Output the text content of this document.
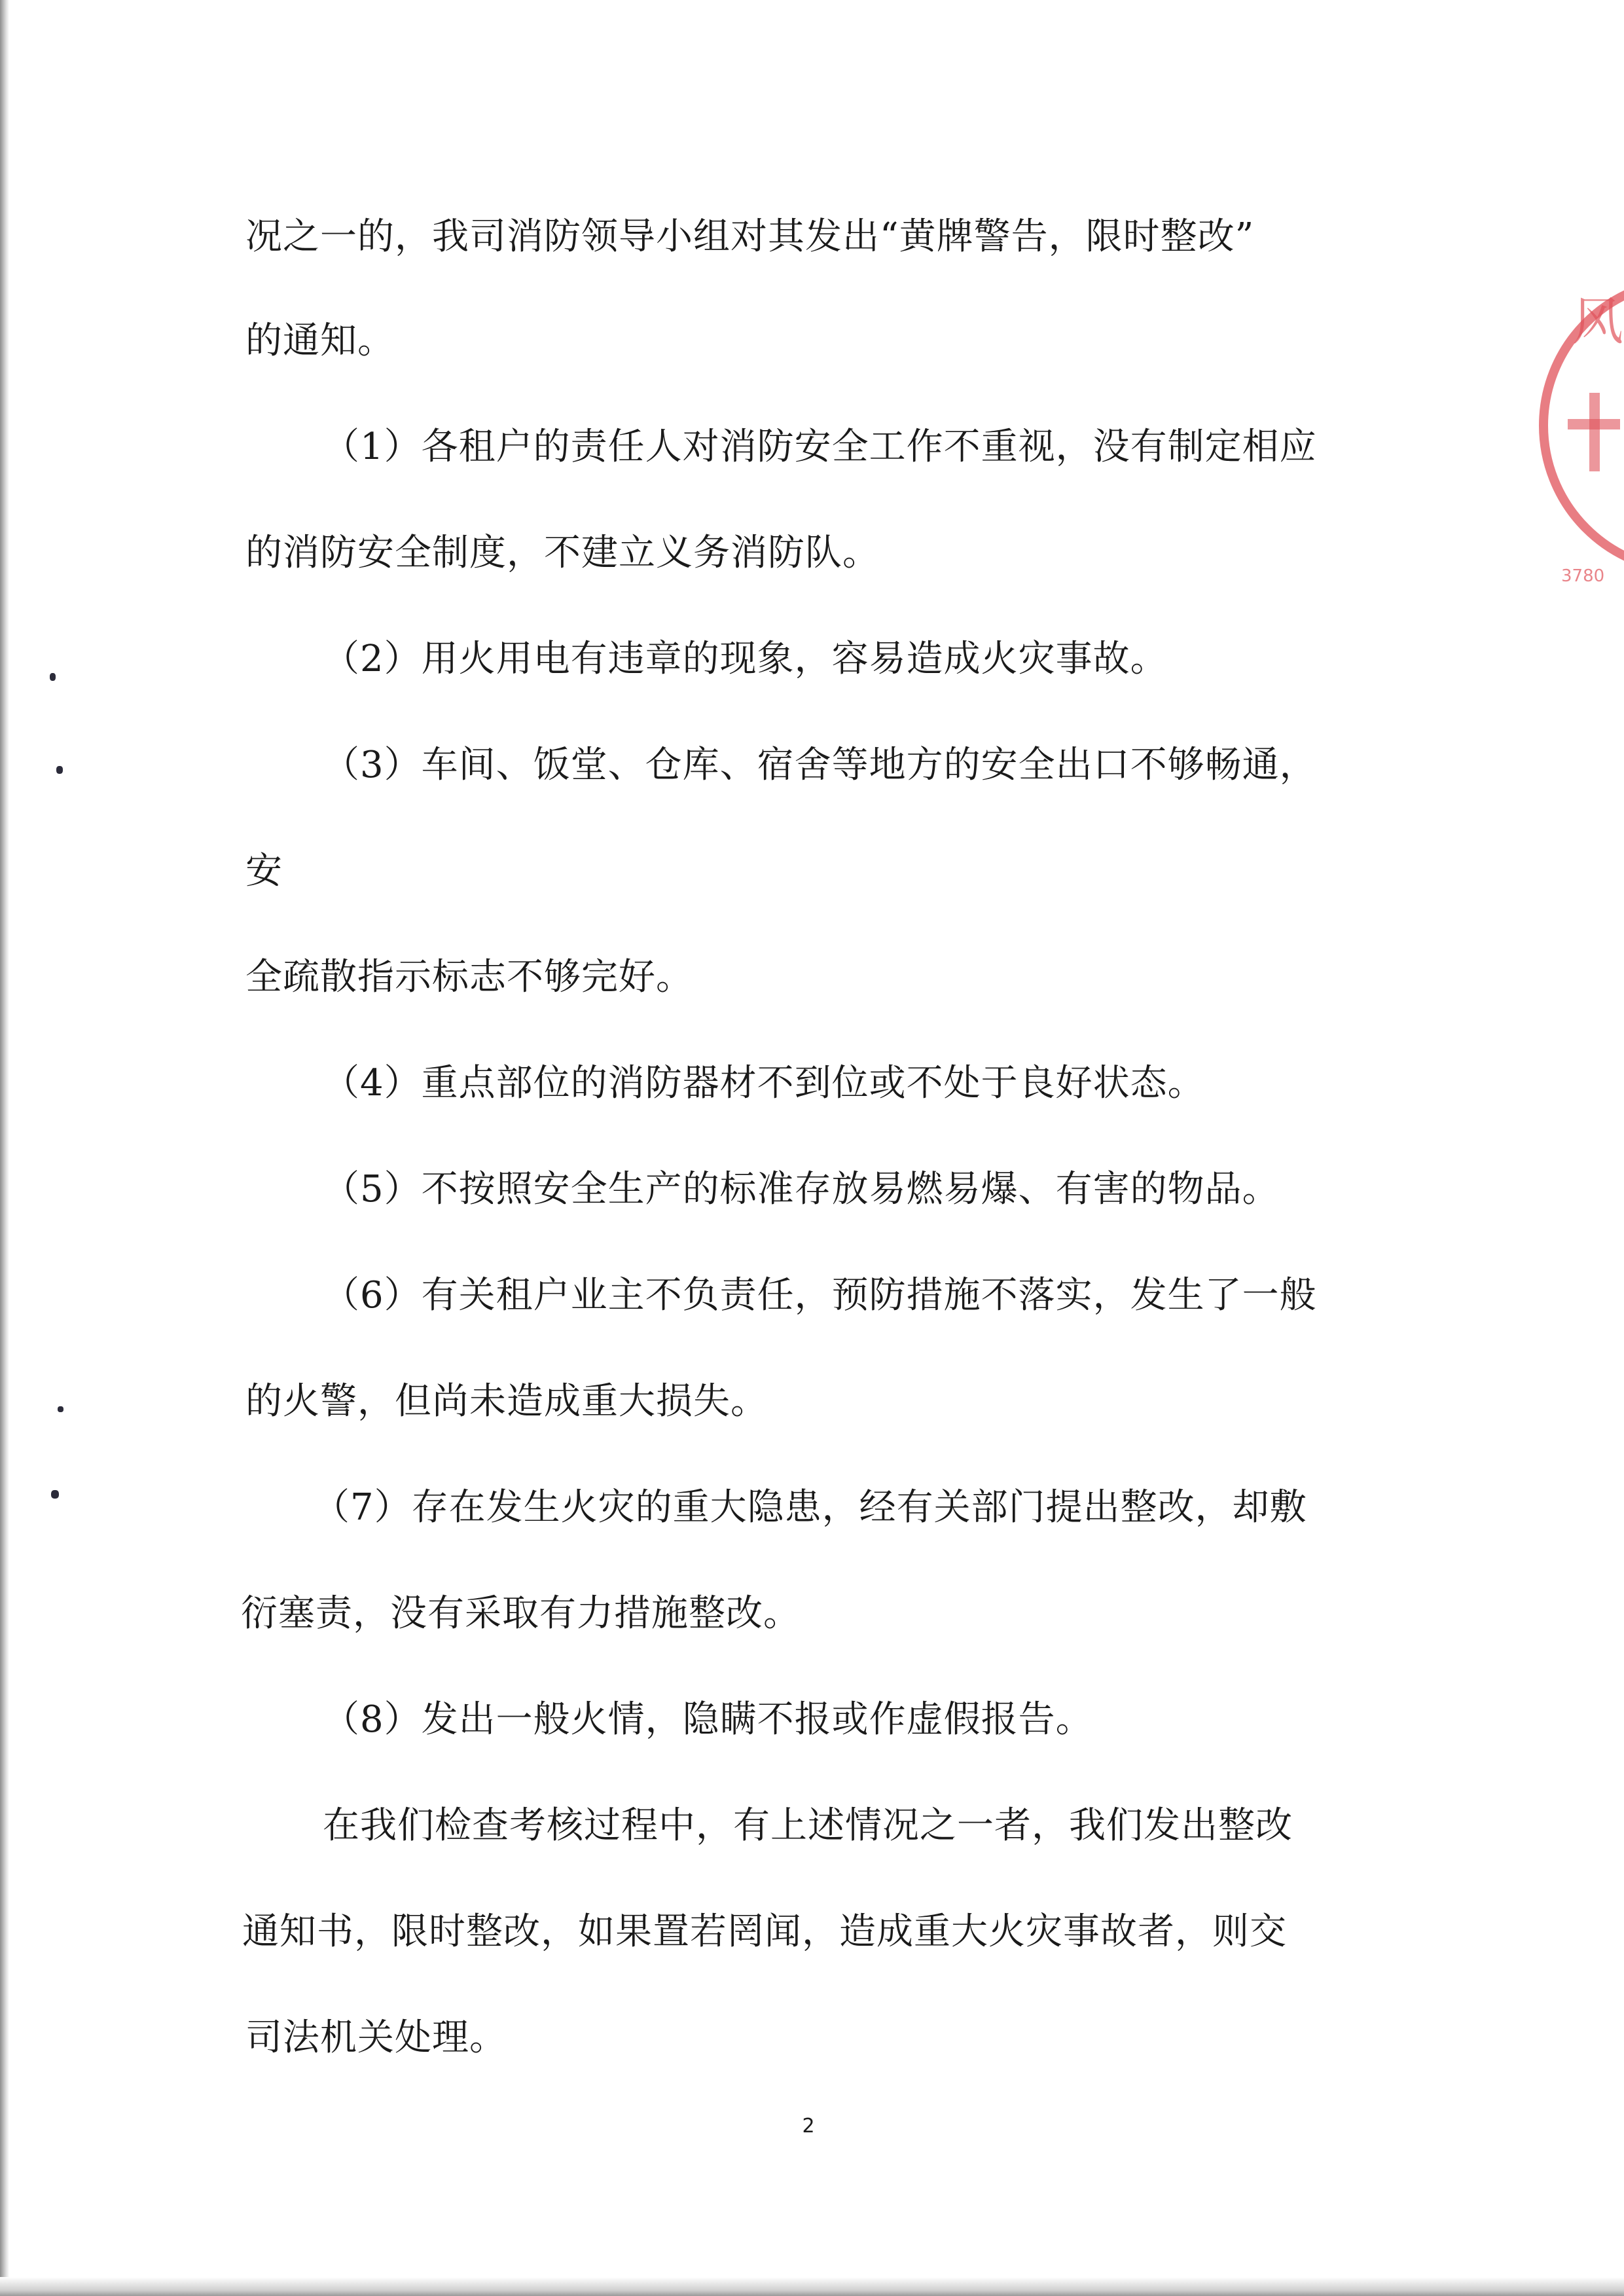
况之一的，我司消防领导小组对其发出“黄牌警告，限时整改”

的通知。

（1）各租户的责任人对消防安全工作不重视，没有制定相应

的消防安全制度，不建立义务消防队。

（2）用火用电有违章的现象，容易造成火灾事故。

（3）车间、饭堂、仓库、宿舍等地方的安全出口不够畅通，

安

全疏散指示标志不够完好。

（4）重点部位的消防器材不到位或不处于良好状态。

（5）不按照安全生产的标准存放易燃易爆、有害的物品。

（6）有关租户业主不负责任，预防措施不落实，发生了一般

的火警，但尚未造成重大损失。

（7）存在发生火灾的重大隐患，经有关部门提出整改，却敷

衍塞责，没有采取有力措施整改。

（8）发出一般火情，隐瞒不报或作虚假报告。

在我们检查考核过程中，有上述情况之一者，我们发出整改

通知书，限时整改，如果置若罔闻，造成重大火灾事故者，则交

司法机关处理。

2
风
3780
